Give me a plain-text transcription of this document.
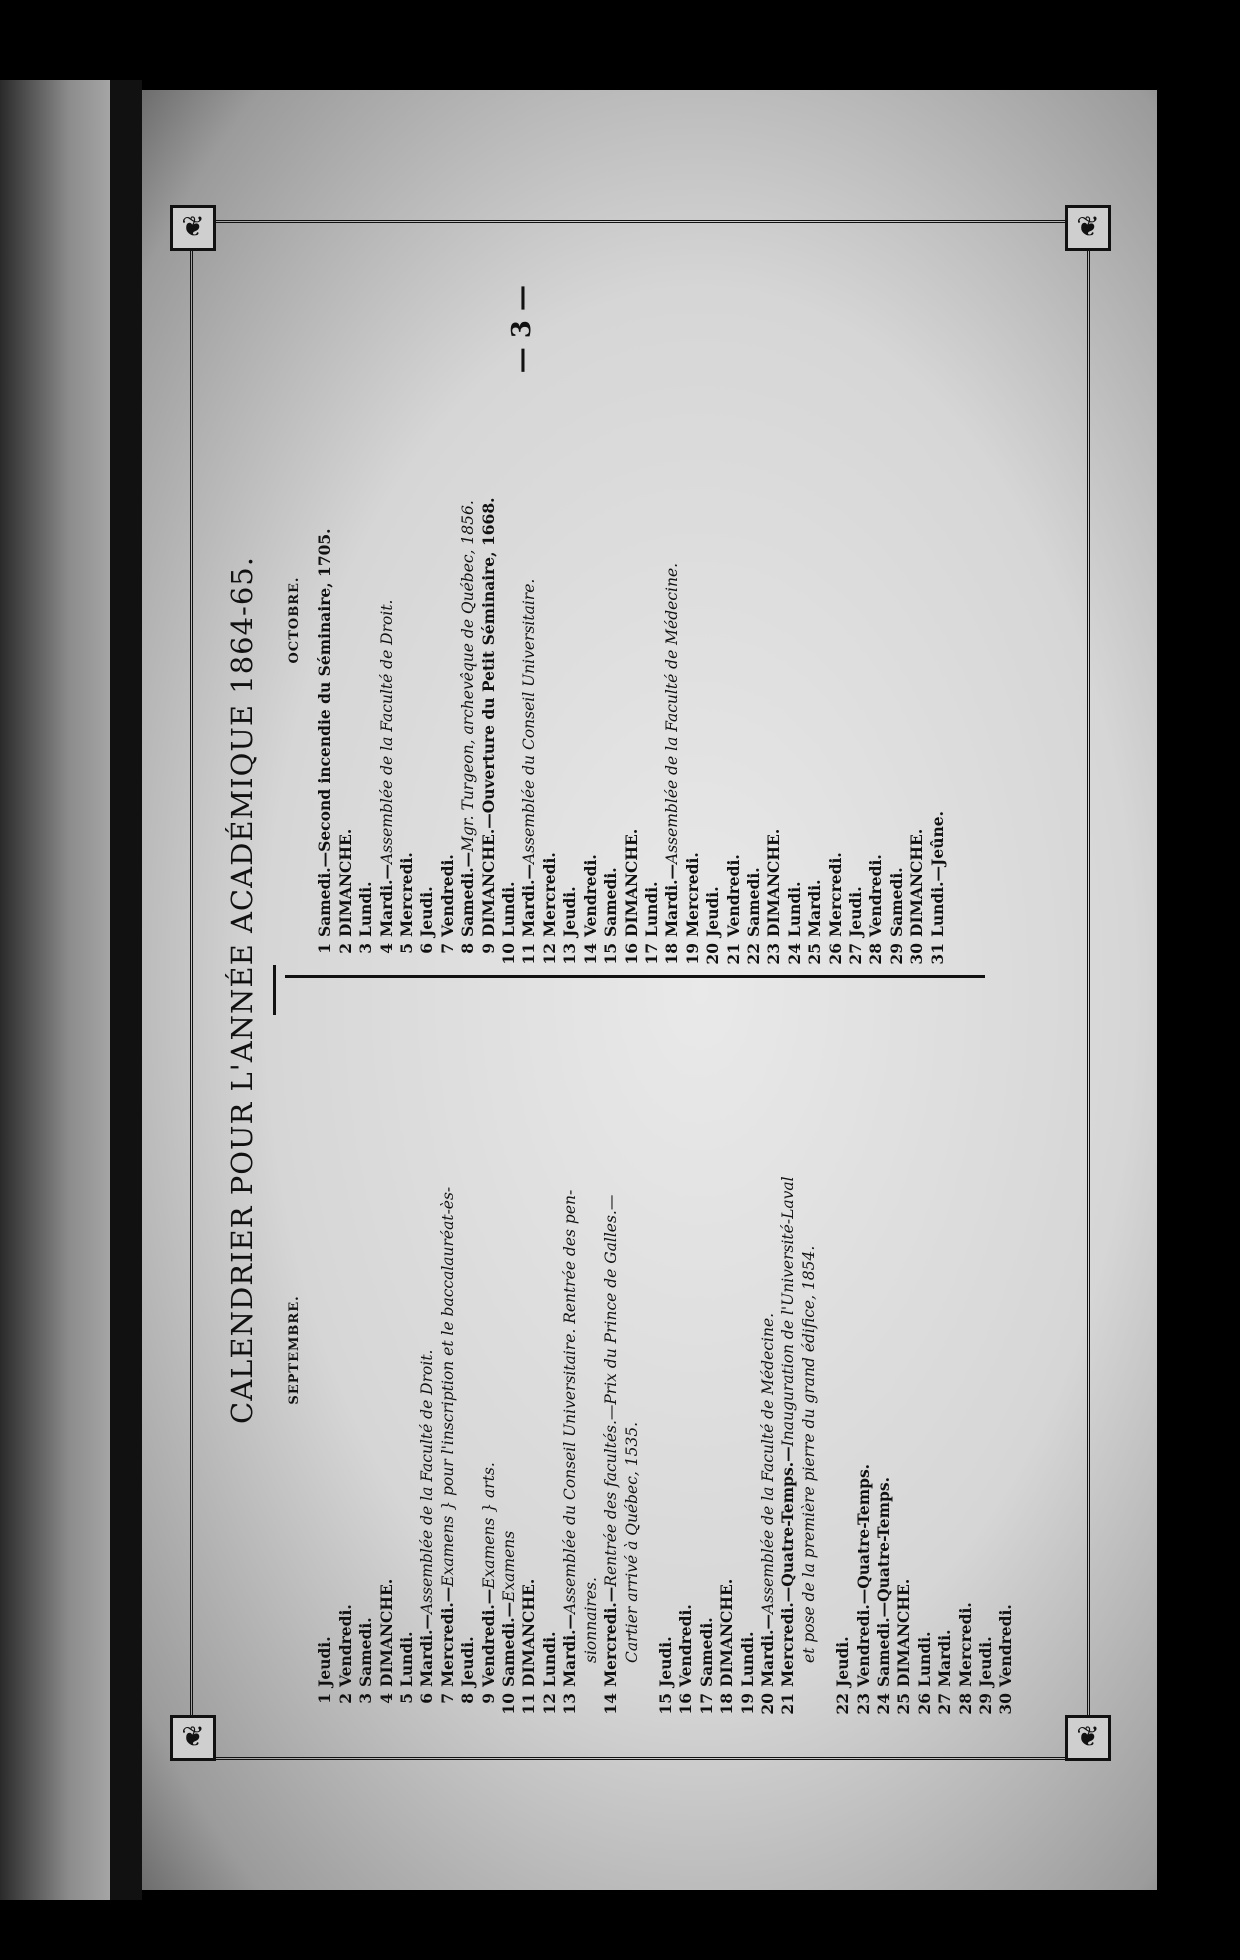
❦	❦
❦	❦
CALENDRIER POUR L'ANNÉE ACADÉMIQUE 1864-65.
— 3 —
SEPTEMBRE.
1Jeudi.
2Vendredi.
3Samedi.
4DIMANCHE.
5Lundi.
6Mardi.—Assemblée de la Faculté de Droit.
7Mercredi.—Examens } pour l'inscription et le baccalauréat-ès-
8Jeudi.
9Vendredi.—Examens } arts.
10Samedi.—Examens
11DIMANCHE.
12Lundi.
13Mardi.—Assemblée du Conseil Universitaire. Rentrée des pen-
sionnaires.
14Mercredi.—Rentrée des facultés.—Prix du Prince de Galles.— Cartier arrivé à Québec, 1535.
15Jeudi.
16Vendredi.
17Samedi.
18DIMANCHE.
19Lundi.
20Mardi.—Assemblée de la Faculté de Médecine.
21Mercredi.—Quatre-Temps.—Inauguration de l'Université-Laval et pose de la première pierre du grand édifice, 1854.
22Jeudi.
23Vendredi.—Quatre-Temps.
24Samedi.—Quatre-Temps.
25DIMANCHE.
26Lundi.
27Mardi.
28Mercredi.
29Jeudi.
30Vendredi.
OCTOBRE.
1Samedi.—Second incendie du Séminaire, 1705.
2DIMANCHE.
3Lundi.
4Mardi.—Assemblée de la Faculté de Droit.
5Mercredi.
6Jeudi.
7Vendredi.
8Samedi.—Mgr. Turgeon, archevêque de Québec, 1856.
9DIMANCHE.—Ouverture du Petit Séminaire, 1668.
10Lundi.
11Mardi.—Assemblée du Conseil Universitaire.
12Mercredi.
13Jeudi.
14Vendredi.
15Samedi.
16DIMANCHE.
17Lundi.
18Mardi.—Assemblée de la Faculté de Médecine.
19Mercredi.
20Jeudi.
21Vendredi.
22Samedi.
23DIMANCHE.
24Lundi.
25Mardi.
26Mercredi.
27Jeudi.
28Vendredi.
29Samedi.
30DIMANCHE.
31Lundi.—Jeûne.
